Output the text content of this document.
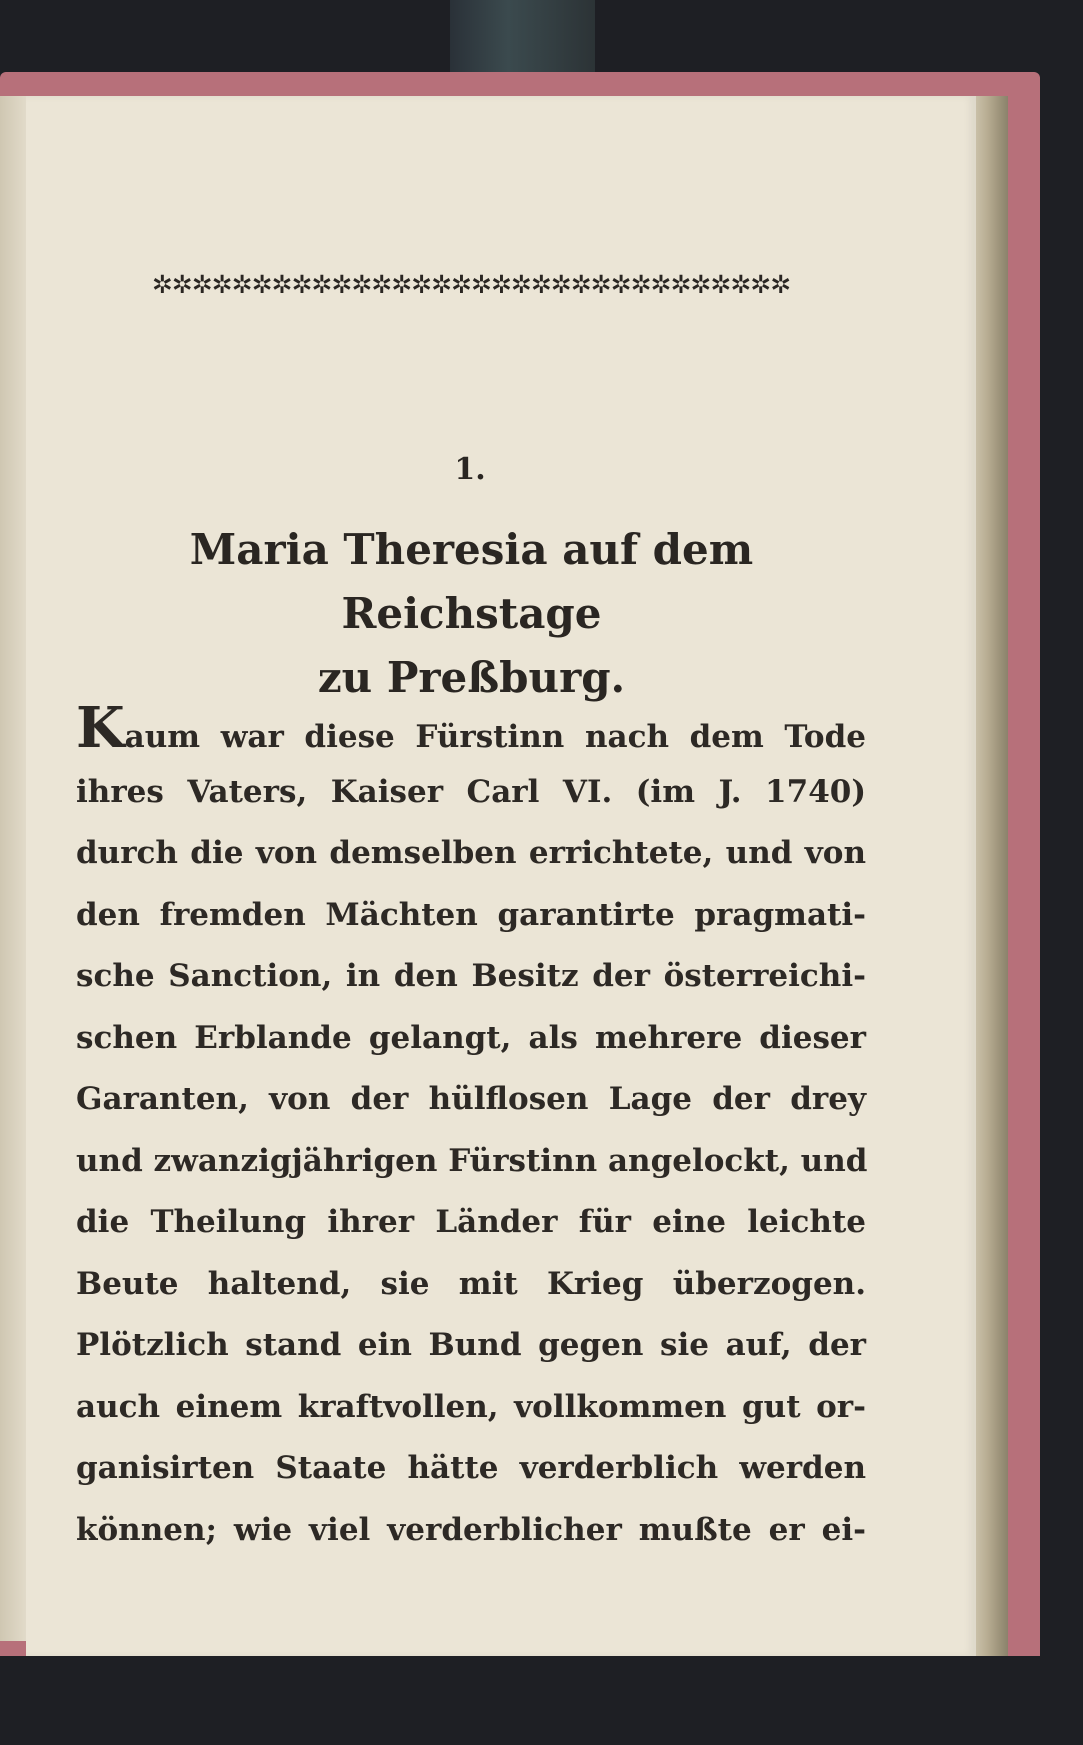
✲✲✲✲✲✲✲✲✲✲✲✲✲✲✲✲✲✲✲✲✲✲✲✲✲✲✲✲✲✲✲✲
1.
Maria Theresia auf dem Reichstage
zu Preßburg.
Kaum war diese Fürstinn nach dem Tode
ihres Vaters, Kaiser Carl VI. (im J. 1740)
durch die von demselben errichtete, und von
den fremden Mächten garantirte pragmati-
sche Sanction, in den Besitz der österreichi-
schen Erblande gelangt, als mehrere dieser
Garanten, von der hülflosen Lage der drey
und zwanzigjährigen Fürstinn angelockt, und
die Theilung ihrer Länder für eine leichte
Beute haltend, sie mit Krieg überzogen.
Plötzlich stand ein Bund gegen sie auf, der
auch einem kraftvollen, vollkommen gut or-
ganisirten Staate hätte verderblich werden
können; wie viel verderblicher mußte er ei-
